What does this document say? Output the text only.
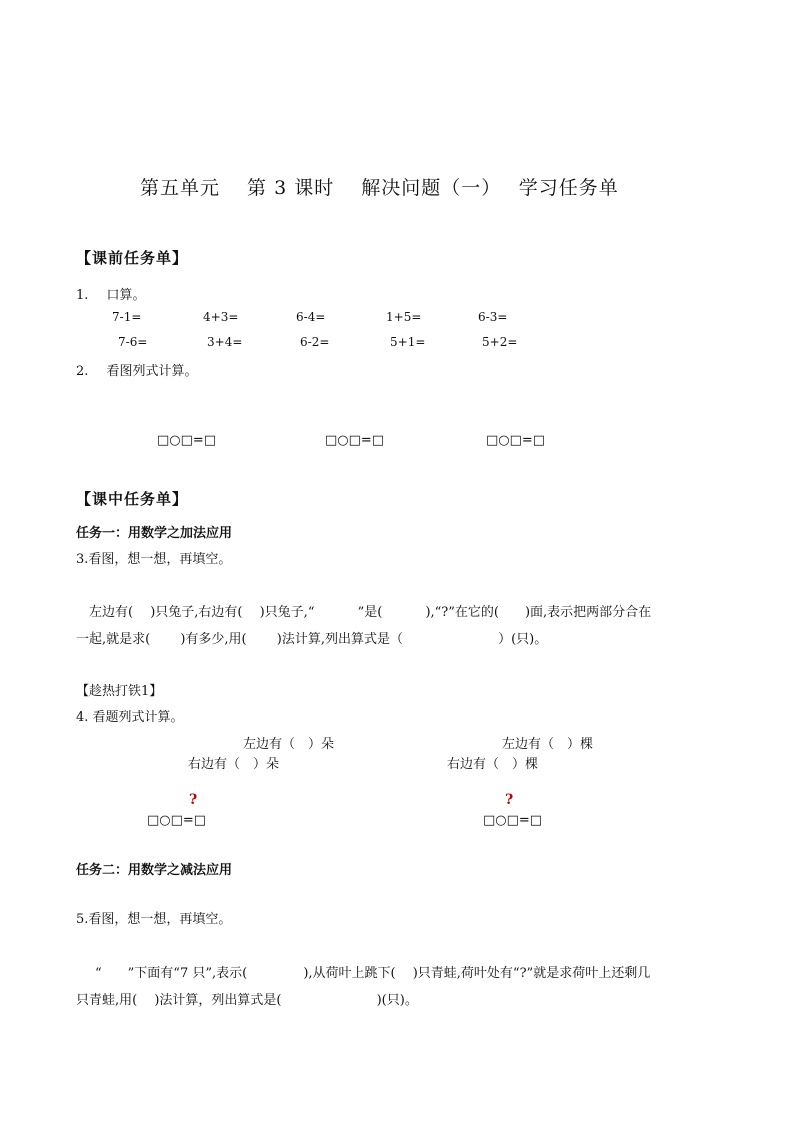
第五单元　 第 3 课时　 解决问题（一）　 学习任务单
【课前任务单】
1. 口算。
7-1=	4+3=	6-4=	1+5=	6-3=
7-6=	3+4=	6-2=	5+1=	5+2=
2. 看图列式计算。
□○□=□	□○□=□	□○□=□
【课中任务单】
任务一：用数学之加法应用
3.看图，想一想，再填空。
左边有(　 )只兔子,右边有(　 )只兔子,“　　　 ”是(　　　 ),“?”在它的(　　)面,表示把两部分合在
一起,就是求(　　 )有多少,用(　　 )法计算,列出算式是（　　　　　　　 ）(只)。
【趁热打铁1】
4. 看题列式计算。
左边有（　）朵
右边有（　）朵
左边有（　）棵
右边有（　）棵
?	?
□○□=□	□○□=□
任务二：用数学之减法应用
5.看图，想一想，再填空。
“　　”下面有“7 只”,表示(　　　　 ),从荷叶上跳下(　 )只青蛙,荷叶处有“?”就是求荷叶上还剩几
只青蛙,用(　 )法计算，列出算式是(　　　　　　　 )(只)。
